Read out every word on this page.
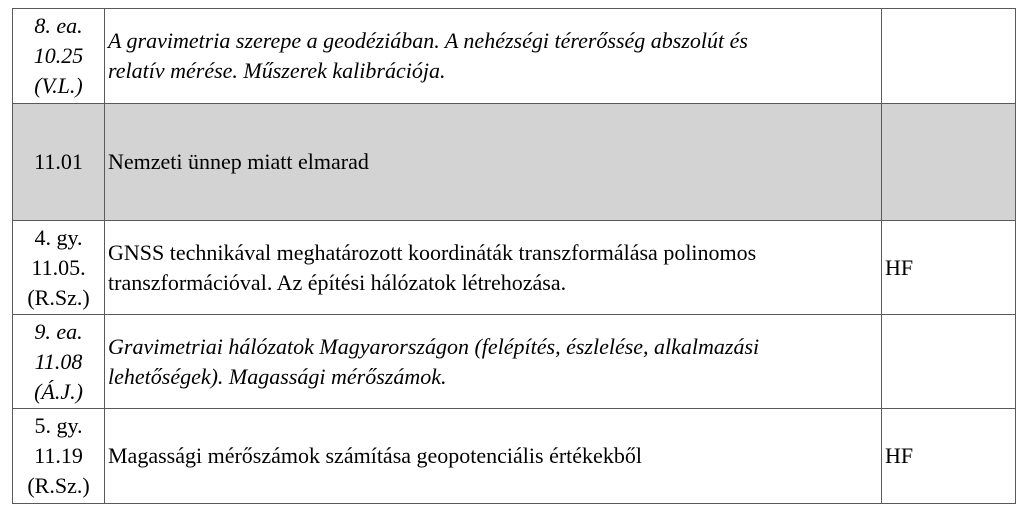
8. ea.
10.25
(V.L.)	A gravimetria szerepe a geodéziában. A nehézségi térerősség abszolút és
relatív mérése. Műszerek kalibrációja.	

11.01	Nemzeti ünnep miatt elmarad	

4. gy.
11.05.
(R.Sz.)	GNSS technikával meghatározott koordináták transzformálása polinomos
transzformációval. Az építési hálózatok létrehozása.	HF

9. ea.
11.08
(Á.J.)	Gravimetriai hálózatok Magyarországon (felépítés, észlelése, alkalmazási
lehetőségek). Magassági mérőszámok.	

5. gy.
11.19
(R.Sz.)	Magassági mérőszámok számítása geopotenciális értékekből	HF
